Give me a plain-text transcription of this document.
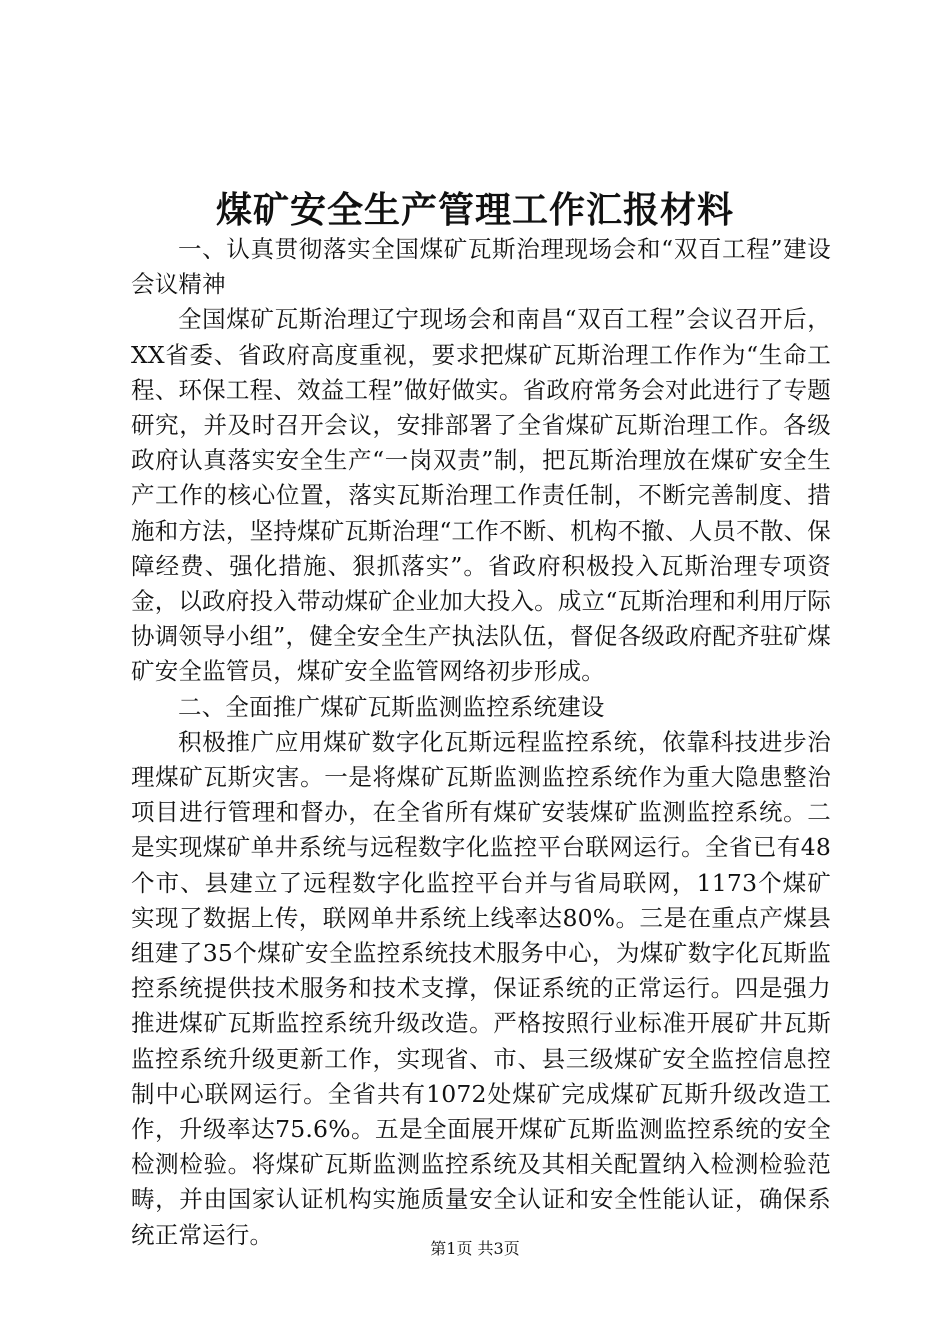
煤矿安全生产管理工作汇报材料

一、认真贯彻落实全国煤矿瓦斯治理现场会和“双百工程”建设会议精神

全国煤矿瓦斯治理辽宁现场会和南昌“双百工程”会议召开后，XX省委、省政府高度重视，要求把煤矿瓦斯治理工作作为“生命工程、环保工程、效益工程”做好做实。省政府常务会对此进行了专题研究，并及时召开会议，安排部署了全省煤矿瓦斯治理工作。各级政府认真落实安全生产“一岗双责”制，把瓦斯治理放在煤矿安全生产工作的核心位置，落实瓦斯治理工作责任制，不断完善制度、措施和方法，坚持煤矿瓦斯治理“工作不断、机构不撤、人员不散、保障经费、强化措施、狠抓落实”。省政府积极投入瓦斯治理专项资金，以政府投入带动煤矿企业加大投入。成立“瓦斯治理和利用厅际协调领导小组”，健全安全生产执法队伍，督促各级政府配齐驻矿煤矿安全监管员，煤矿安全监管网络初步形成。

二、全面推广煤矿瓦斯监测监控系统建设

积极推广应用煤矿数字化瓦斯远程监控系统，依靠科技进步治理煤矿瓦斯灾害。一是将煤矿瓦斯监测监控系统作为重大隐患整治项目进行管理和督办，在全省所有煤矿安装煤矿监测监控系统。二是实现煤矿单井系统与远程数字化监控平台联网运行。全省已有48个市、县建立了远程数字化监控平台并与省局联网，1173个煤矿实现了数据上传，联网单井系统上线率达80%。三是在重点产煤县组建了35个煤矿安全监控系统技术服务中心，为煤矿数字化瓦斯监控系统提供技术服务和技术支撑，保证系统的正常运行。四是强力推进煤矿瓦斯监控系统升级改造。严格按照行业标准开展矿井瓦斯监控系统升级更新工作，实现省、市、县三级煤矿安全监控信息控制中心联网运行。全省共有1072处煤矿完成煤矿瓦斯升级改造工作，升级率达75.6%。五是全面展开煤矿瓦斯监测监控系统的安全检测检验。将煤矿瓦斯监测监控系统及其相关配置纳入检测检验范畴，并由国家认证机构实施质量安全认证和安全性能认证，确保系统正常运行。	第1页 共3页
